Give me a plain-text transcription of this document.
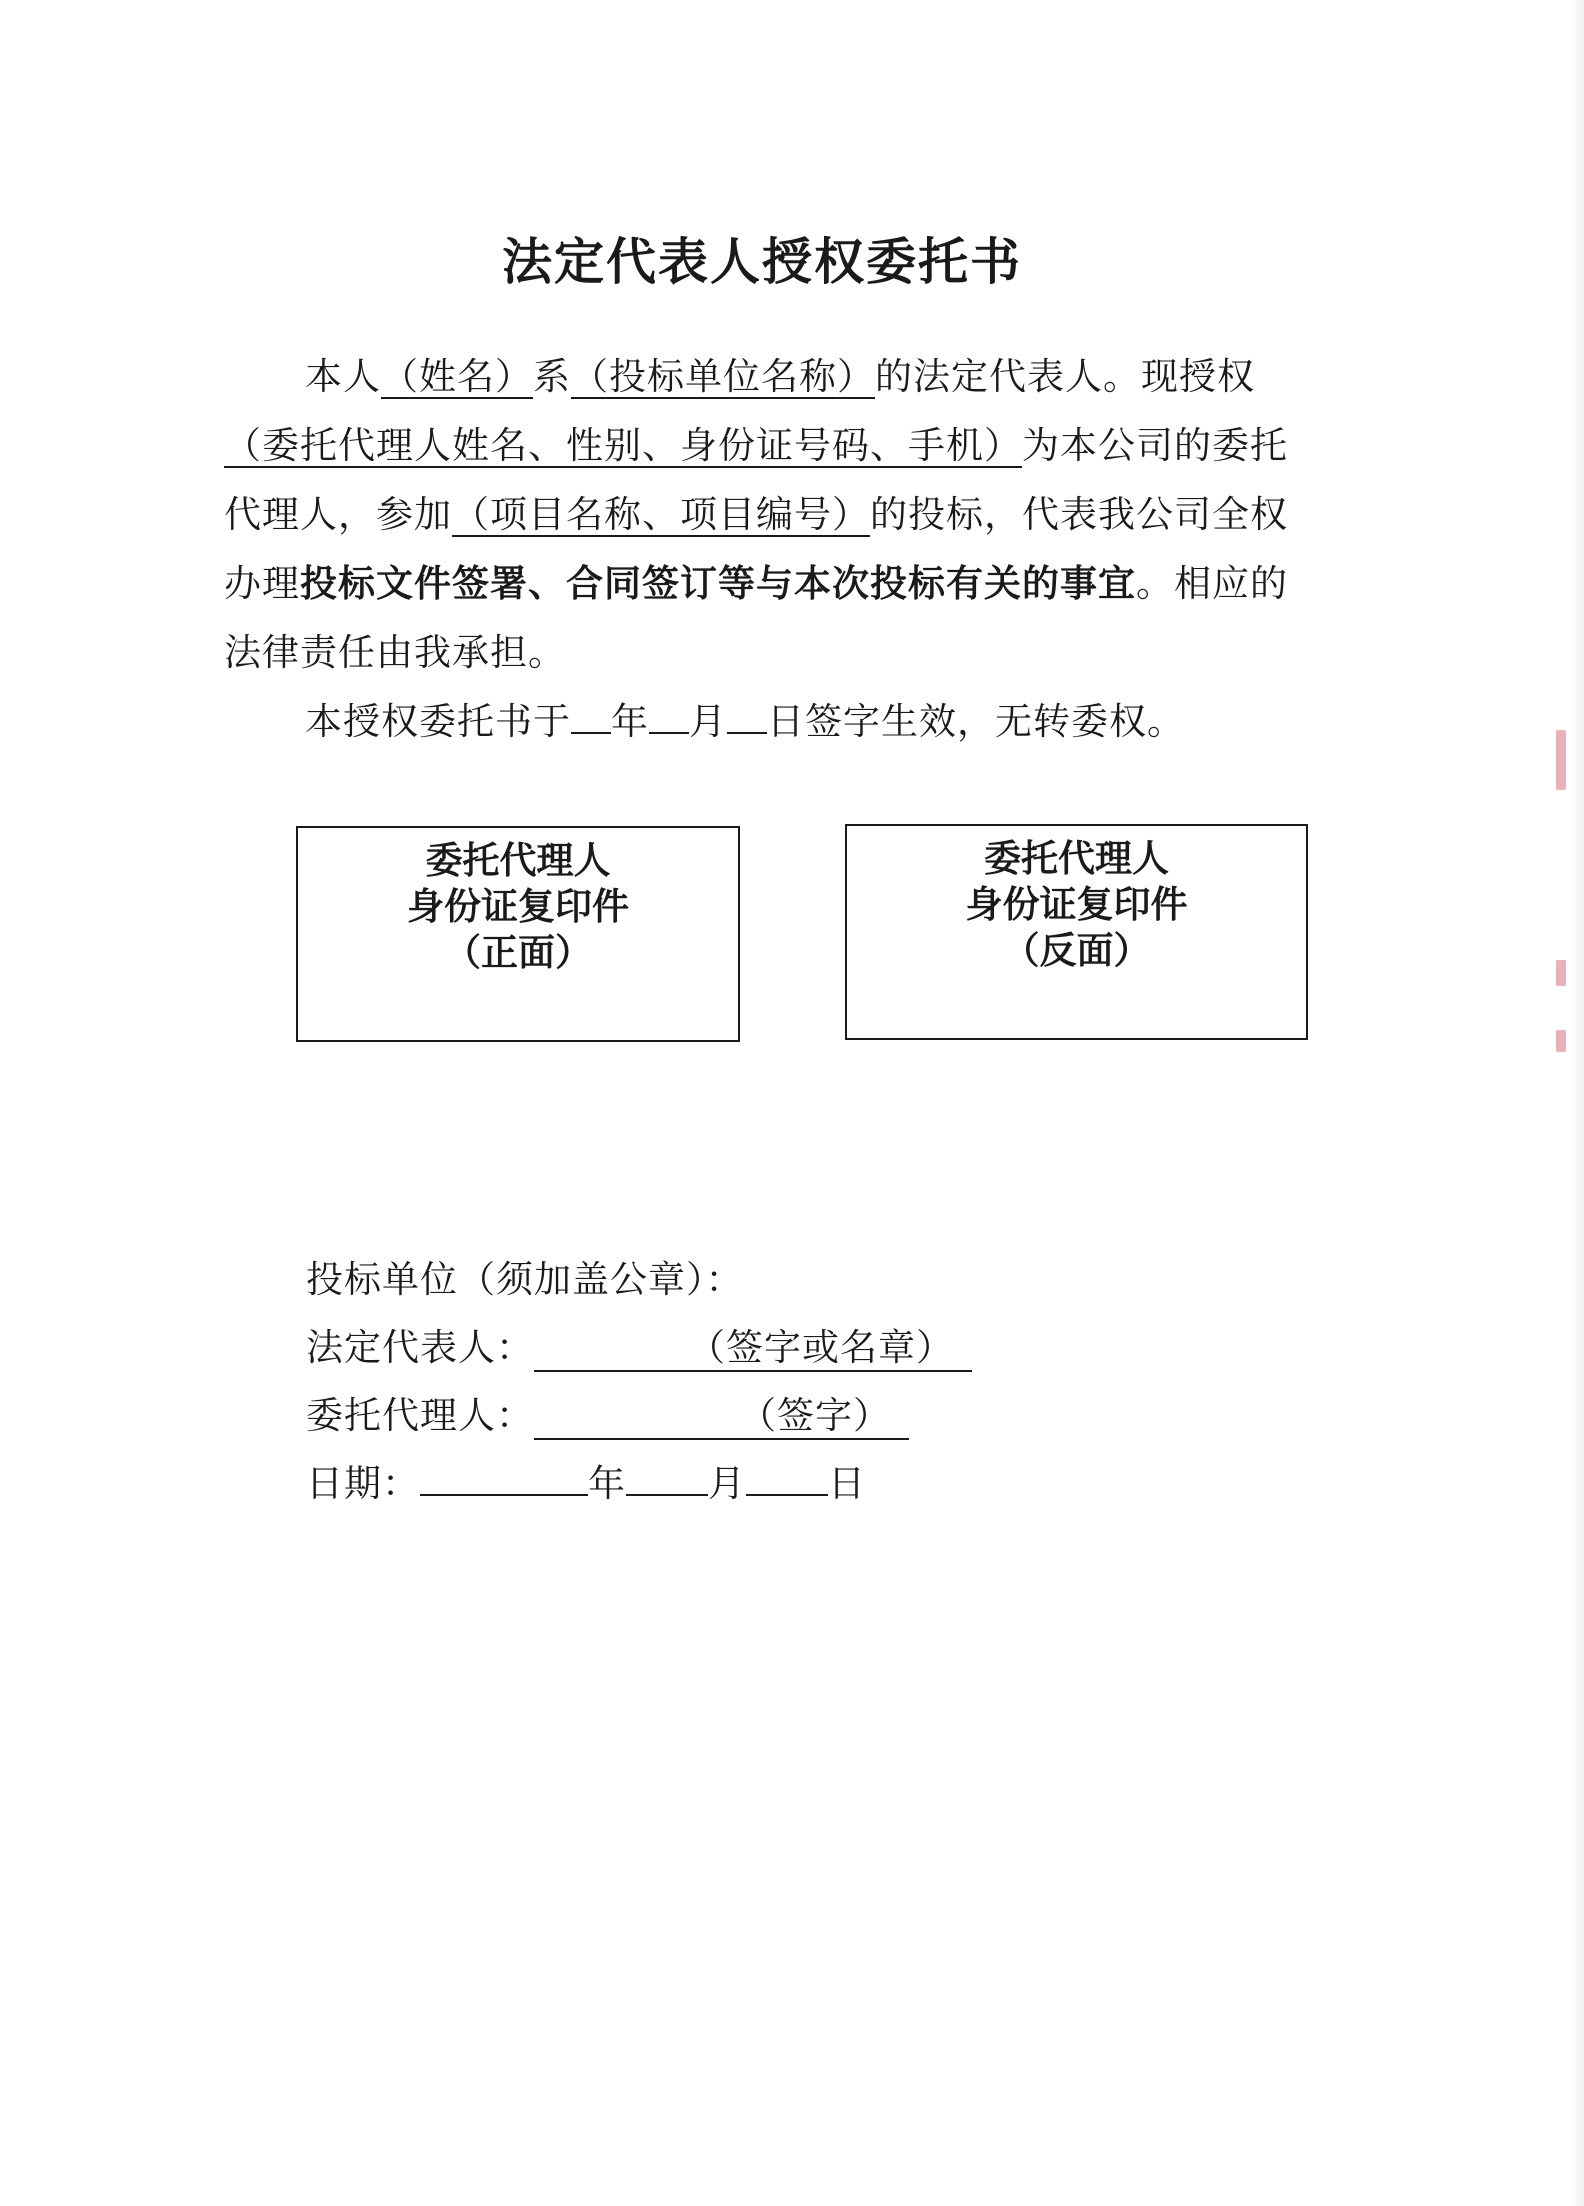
法定代表人授权委托书

本人（姓名）系（投标单位名称）的法定代表人。现授权（委托代理人姓名、性别、身份证号码、手机）为本公司的委托代理人，参加（项目名称、项目编号）的投标，代表我公司全权办理投标文件签署、合同签订等与本次投标有关的事宜。相应的法律责任由我承担。

本授权委托书于 年 月 日签字生效，无转委权。

委托代理人
身份证复印件
（正面）
委托代理人
身份证复印件
（反面）
投标单位（须加盖公章）：
法定代表人：	（签字或名章）
委托代理人：	（签字）
日期：	年 月 日
